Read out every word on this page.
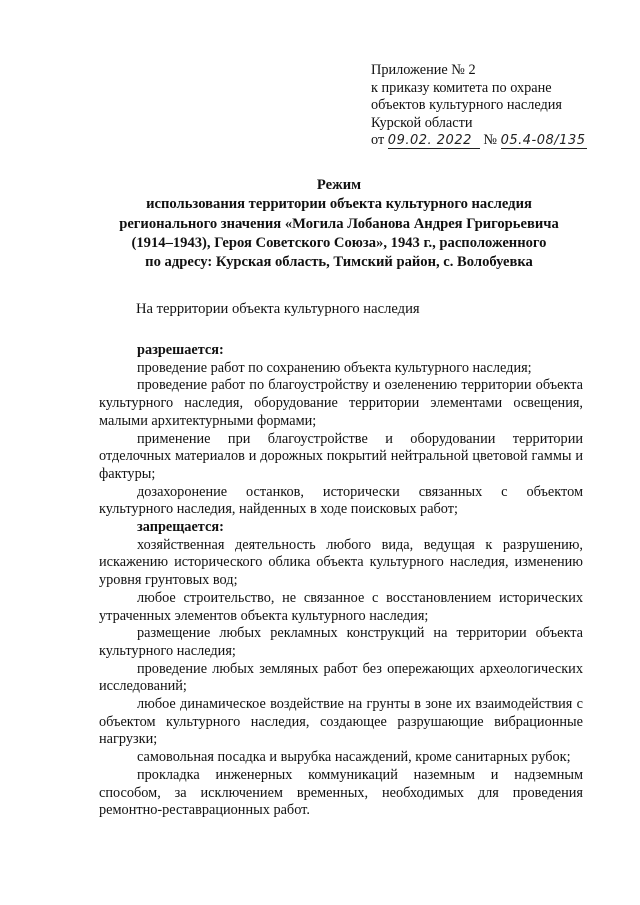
Приложение № 2
к приказу комитета по охране
объектов культурного наследия
Курской области
от 09.02. 2022 № 05.4-08/135
Режим
использования территории объекта культурного наследия
регионального значения «Могила Лобанова Андрея Григорьевича
(1914–1943), Героя Советского Союза», 1943 г., расположенного
по адресу: Курская область, Тимский район, с. Волобуевка
На территории объекта культурного наследия
разрешается:

проведение работ по сохранению объекта культурного наследия;

проведение работ по благоустройству и озеленению территории объекта культурного наследия, оборудование территории элементами освещения, малыми архитектурными формами;

применение при благоустройстве и оборудовании территории отделочных материалов и дорожных покрытий нейтральной цветовой гаммы и фактуры;

дозахоронение останков, исторически связанных с объектом культурного наследия, найденных в ходе поисковых работ;

запрещается:

хозяйственная деятельность любого вида, ведущая к разрушению, искажению исторического облика объекта культурного наследия, изменению уровня грунтовых вод;

любое строительство, не связанное с восстановлением исторических утраченных элементов объекта культурного наследия;

размещение любых рекламных конструкций на территории объекта культурного наследия;

проведение любых земляных работ без опережающих археологических исследований;

любое динамическое воздействие на грунты в зоне их взаимодействия с объектом культурного наследия, создающее разрушающие вибрационные нагрузки;

самовольная посадка и вырубка насаждений, кроме санитарных рубок;

прокладка инженерных коммуникаций наземным и надземным способом, за исключением временных, необходимых для проведения ремонтно-реставрационных работ.
